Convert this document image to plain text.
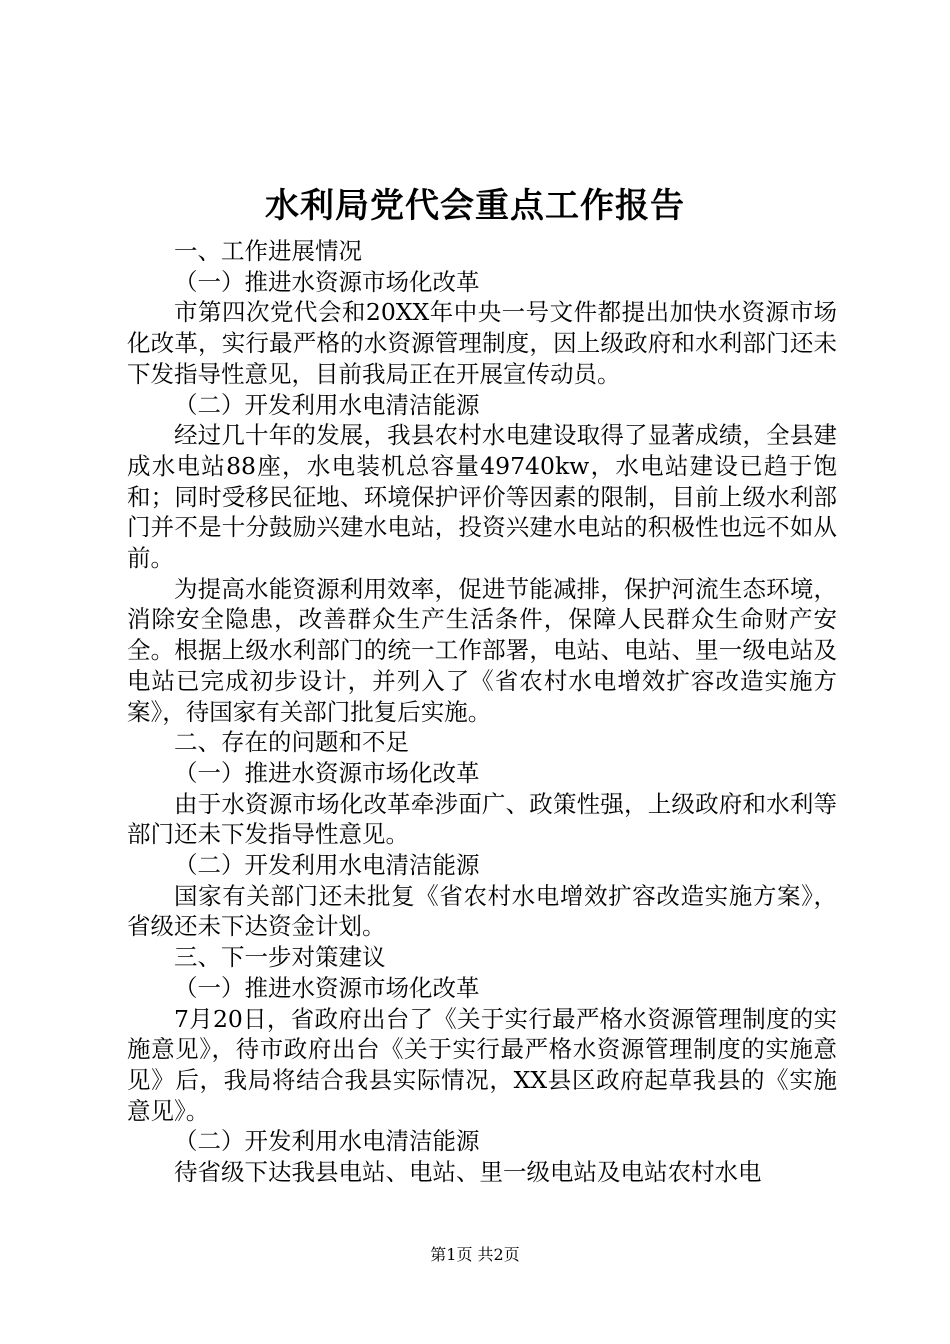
水利局党代会重点工作报告

一、工作进展情况

（一）推进水资源市场化改革

市第四次党代会和20XX年中央一号文件都提出加快水资源市场化改革，实行最严格的水资源管理制度，因上级政府和水利部门还未下发指导性意见，目前我局正在开展宣传动员。

（二）开发利用水电清洁能源

经过几十年的发展，我县农村水电建设取得了显著成绩，全县建成水电站88座，水电装机总容量49740kw，水电站建设已趋于饱和；同时受移民征地、环境保护评价等因素的限制，目前上级水利部门并不是十分鼓励兴建水电站，投资兴建水电站的积极性也远不如从前。

为提高水能资源利用效率，促进节能减排，保护河流生态环境，消除安全隐患，改善群众生产生活条件，保障人民群众生命财产安全。根据上级水利部门的统一工作部署，电站、电站、里一级电站及电站已完成初步设计，并列入了《省农村水电增效扩容改造实施方案》，待国家有关部门批复后实施。

二、存在的问题和不足

（一）推进水资源市场化改革

由于水资源市场化改革牵涉面广、政策性强，上级政府和水利等部门还未下发指导性意见。

（二）开发利用水电清洁能源

国家有关部门还未批复《省农村水电增效扩容改造实施方案》，省级还未下达资金计划。

三、下一步对策建议

（一）推进水资源市场化改革

7月20日，省政府出台了《关于实行最严格水资源管理制度的实施意见》，待市政府出台《关于实行最严格水资源管理制度的实施意见》后，我局将结合我县实际情况，XX县区政府起草我县的《实施意见》。

（二）开发利用水电清洁能源

待省级下达我县电站、电站、里一级电站及电站农村水电

第1页 共2页
